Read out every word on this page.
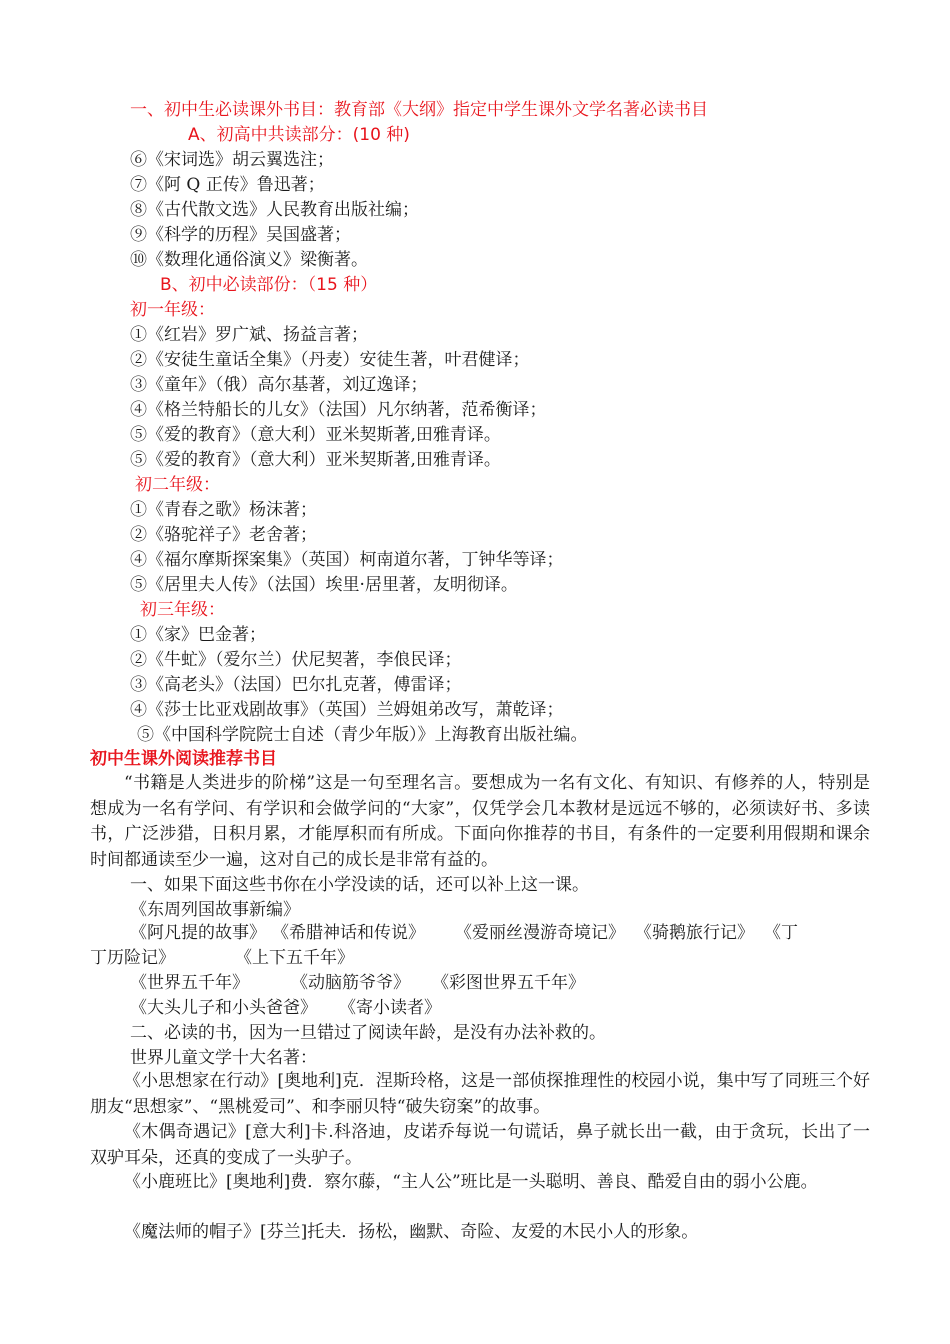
一、初中生必读课外书目：教育部《大纲》指定中学生课外文学名著必读书目
A、初高中共读部分：(10 种)
⑥《宋词选》胡云翼选注；
⑦《阿 Q 正传》鲁迅著；
⑧《古代散文选》人民教育出版社编；
⑨《科学的历程》吴国盛著；
⑩《数理化通俗演义》梁衡著。
B、初中必读部份：（15 种）
初一年级：
①《红岩》罗广斌、扬益言著；
②《安徒生童话全集》（丹麦）安徒生著，叶君健译；
③《童年》（俄）高尔基著，刘辽逸译；
④《格兰特船长的儿女》（法国）凡尔纳著，范希衡译；
⑤《爱的教育》（意大利）亚米契斯著,田雅青译。
⑤《爱的教育》（意大利）亚米契斯著,田雅青译。
初二年级：
①《青春之歌》杨沫著；
②《骆驼祥子》老舍著；
④《福尔摩斯探案集》（英国）柯南道尔著，丁钟华等译；
⑤《居里夫人传》（法国）埃里·居里著，友明彻译。
初三年级：
①《家》巴金著；
②《牛虻》（爱尔兰）伏尼契著，李俍民译；
③《高老头》（法国）巴尔扎克著，傅雷译；
④《莎士比亚戏剧故事》（英国）兰姆姐弟改写，萧乾译；
⑤《中国科学院院士自述（青少年版）》上海教育出版社编。
初中生课外阅读推荐书目
“书籍是人类进步的阶梯”这是一句至理名言。要想成为一名有文化、有知识、有修养的人，特别是想成为一名有学问、有学识和会做学问的“大家”，仅凭学会几本教材是远远不够的，必须读好书、多读书，广泛涉猎，日积月累，才能厚积而有所成。下面向你推荐的书目，有条件的一定要利用假期和课余时间都通读至少一遍，这对自己的成长是非常有益的。
一、如果下面这些书你在小学没读的话，还可以补上这一课。
《东周列国故事新编》
《阿凡提的故事》 《希腊神话和传说》 《爱丽丝漫游奇境记》 《骑鹅旅行记》 《丁
丁历险记》	《上下五千年》
《世界五千年》 《动脑筋爷爷》 《彩图世界五千年》
《大头儿子和小头爸爸》 《寄小读者》
二、必读的书，因为一旦错过了阅读年龄，是没有办法补救的。
世界儿童文学十大名著：
《小思想家在行动》[奥地利]克．涅斯玲格，这是一部侦探推理性的校园小说，集中写了同班三个好朋友“思想家”、“黑桃爱司”、和李丽贝特“破失窃案”的故事。
《木偶奇遇记》[意大利]卡.科洛迪，皮诺乔每说一句谎话，鼻子就长出一截，由于贪玩，长出了一双驴耳朵，还真的变成了一头驴子。
《小鹿班比》[奥地利]费．察尔藤，“主人公”班比是一头聪明、善良、酷爱自由的弱小公鹿。
《魔法师的帽子》[芬兰]托夫．扬松，幽默、奇险、友爱的木民小人的形象。
